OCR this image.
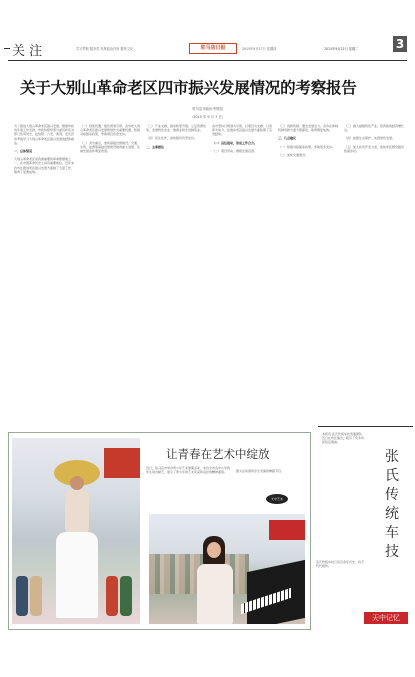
关 注	学习贯彻 服务党 发挥政治作用 繁荣文化	驻马店日报	2015年9月17日 星期四	2015年9月22日 星期二	3
关于大别山革命老区四市振兴发展情况的考察报告
驻马店市政协考察组
（2015 年 9 月 7 日）

为了推进大别山革命老区振兴发展，根据市政协年度工作安排，市政协组织部分委员和有关部门负责同志，赴信阳、六安、黄冈、安庆四市考察学习大别山革命老区振兴发展的经验做法。

一、总体情况

大别山革命老区是我国重要的革命根据地之一，在中国革命历史上具有重要地位。近年来四市在推进老区振兴发展方面做了大量工作，取得了显著成效。

（一）抢抓机遇，强化规划引领。各市把大别山革命老区振兴发展规划作为重要机遇，积极对接国家政策，争取项目资金支持。

（二）突出重点，加快基础设施建设。交通、水利、能源等基础设施建设取得重大进展，区域发展条件明显改善。

（三）产业支撑，推动转型升级。立足资源优势，发展特色农业、旅游业和先进制造业。

（四）民生优先，加快脱贫攻坚步伐。

二、主要做法

各市坚持以规划为引领，以项目为支撑，以改革为动力，在推动老区振兴发展方面积累了宝贵经验。

（一）高位推动，形成工作合力。

（二）项目带动，增强发展后劲。

（三）创新机制，激发发展活力。各市在体制机制创新方面大胆探索，取得明显成效。

三、几点建议

（一）积极对接国家政策，争取更多支持。

（二）加快交通建设。

（三）做大做强特色产业，培育新的经济增长点。

（四）加强生态保护，实现绿色发展。

（五）加大扶贫开发力度，加快老区群众脱贫致富步伐。

让青春在艺术中绽放
近日，驻马店市举办青少年艺术展演活动，来自全市各中小学的学生同台献艺，展示了青少年的艺术风采和良好的精神面貌。	图为活动现场学生表演的舞蹈节目。
天中艺术
本报讯 张氏传统车技表演团队近日在市区演出，吸引了众多市民驻足观看。
张氏传统车技已有百余年历史，技艺代代相传。
张氏传统车技
天中记忆
